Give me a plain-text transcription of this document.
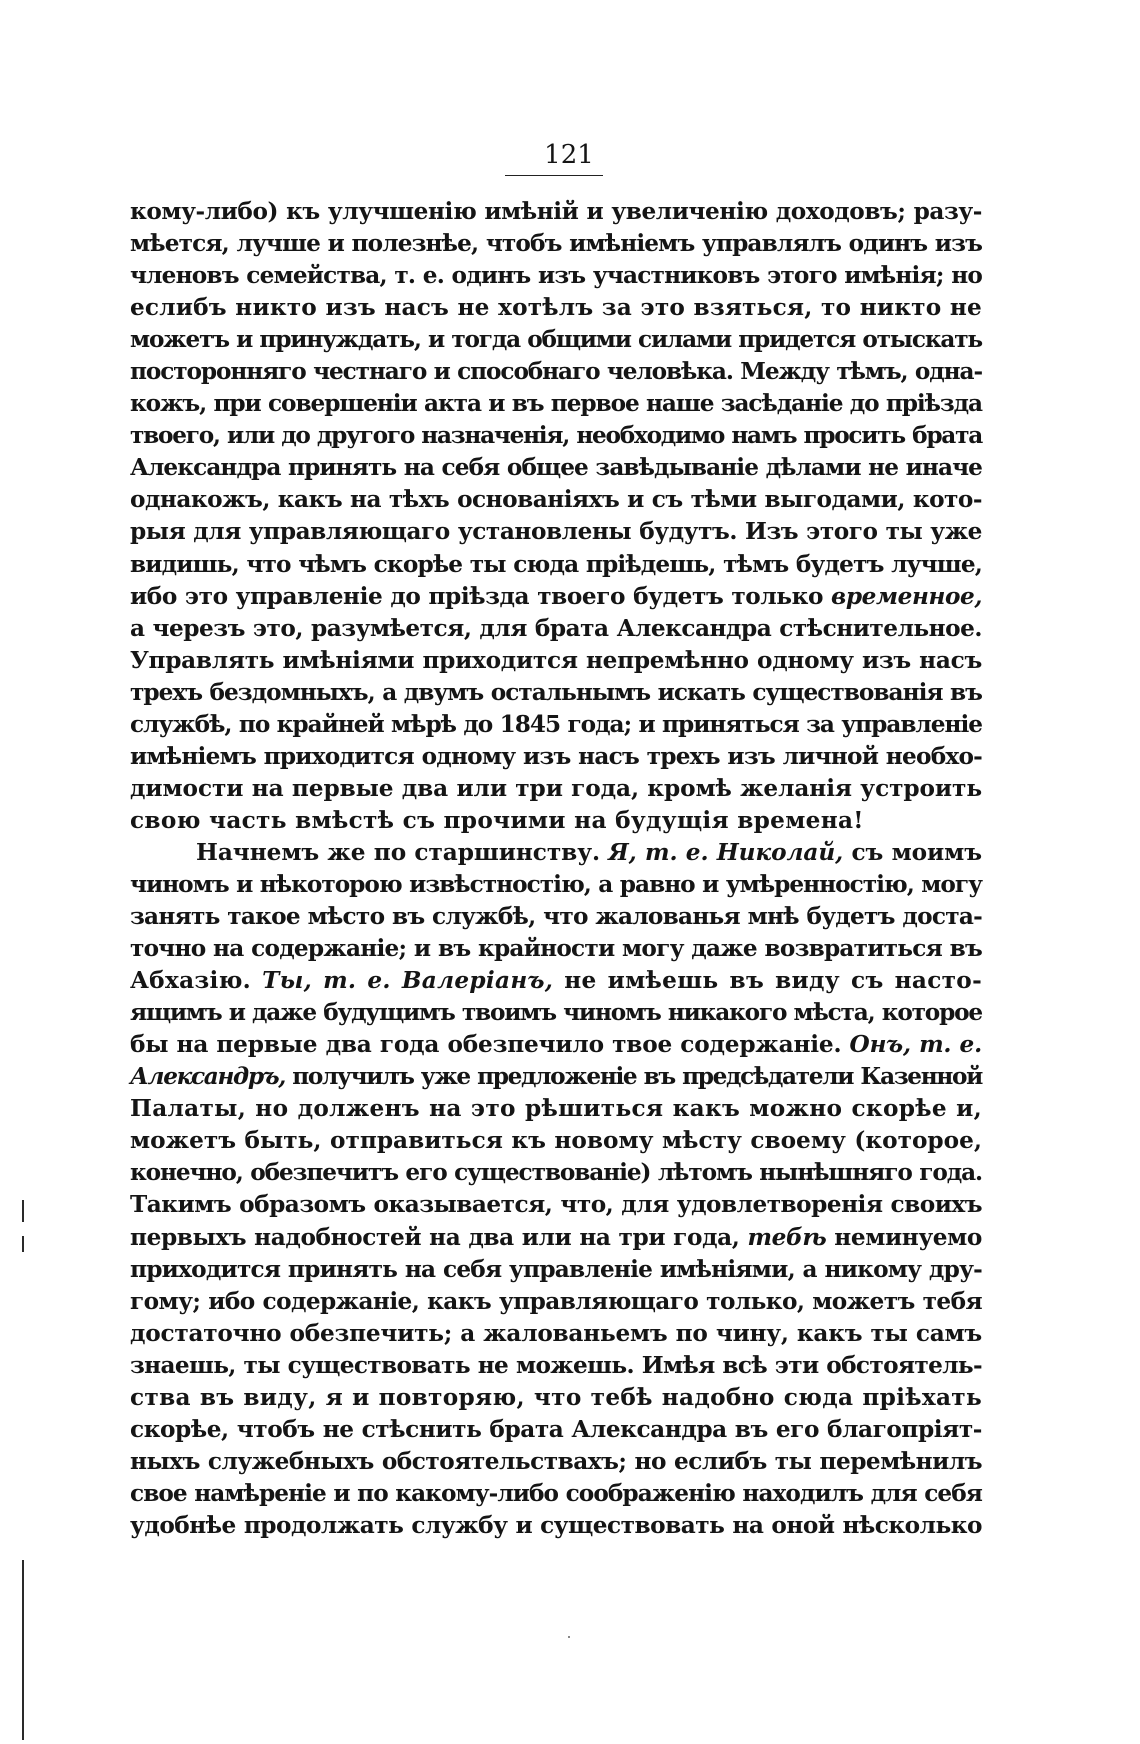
121
кому-либо) къ улучшенію имѣній и увеличенію доходовъ; разу-
мѣется, лучше и полезнѣе, чтобъ имѣніемъ управлялъ одинъ изъ
членовъ семейства, т. е. одинъ изъ участниковъ этого имѣнія; но
еслибъ никто изъ насъ не хотѣлъ за это взяться, то никто не
можетъ и принуждать, и тогда общими силами придется отыскать
посторонняго честнаго и способнаго человѣка. Между тѣмъ, одна-
кожъ, при совершеніи акта и въ первое наше засѣданіе до пріѣзда
твоего, или до другого назначенія, необходимо намъ просить брата
Александра принять на себя общее завѣдываніе дѣлами не иначе
однакожъ, какъ на тѣхъ основаніяхъ и съ тѣми выгодами, кото-
рыя для управляющаго установлены будутъ. Изъ этого ты уже
видишь, что чѣмъ скорѣе ты сюда пріѣдешь, тѣмъ будетъ лучше,
ибо это управленіе до пріѣзда твоего будетъ только временное,
а черезъ это, разумѣется, для брата Александра стѣснительное.
Управлять имѣніями приходится непремѣнно одному изъ насъ
трехъ бездомныхъ, а двумъ остальнымъ искать существованія въ
службѣ, по крайней мѣрѣ до 1845 года; и приняться за управленіе
имѣніемъ приходится одному изъ насъ трехъ изъ личной необхо-
димости на первые два или три года, кромѣ желанія устроить
свою часть вмѣстѣ съ прочими на будущія времена!
Начнемъ же по старшинству. Я, т. е. Николай, съ моимъ
чиномъ и нѣкоторою извѣстностію, а равно и умѣренностію, могу
занять такое мѣсто въ службѣ, что жалованья мнѣ будетъ доста-
точно на содержаніе; и въ крайности могу даже возвратиться въ
Абхазію. Ты, т. е. Валеріанъ, не имѣешь въ виду съ насто-
ящимъ и даже будущимъ твоимъ чиномъ никакого мѣста, которое
бы на первые два года обезпечило твое содержаніе. Онъ, т. е.
Александръ, получилъ уже предложеніе въ предсѣдатели Казенной
Палаты, но долженъ на это рѣшиться какъ можно скорѣе и,
можетъ быть, отправиться къ новому мѣсту своему (которое,
конечно, обезпечитъ его существованіе) лѣтомъ нынѣшняго года.
Такимъ образомъ оказывается, что, для удовлетворенія своихъ
первыхъ надобностей на два или на три года, тебѣ неминуемо
приходится принять на себя управленіе имѣніями, а никому дру-
гому; ибо содержаніе, какъ управляющаго только, можетъ тебя
достаточно обезпечить; а жалованьемъ по чину, какъ ты самъ
знаешь, ты существовать не можешь. Имѣя всѣ эти обстоятель-
ства въ виду, я и повторяю, что тебѣ надобно сюда пріѣхать
скорѣе, чтобъ не стѣснить брата Александра въ его благопріят-
ныхъ служебныхъ обстоятельствахъ; но еслибъ ты перемѣнилъ
свое намѣреніе и по какому-либо соображенію находилъ для себя
удобнѣе продолжать службу и существовать на оной нѣсколько
